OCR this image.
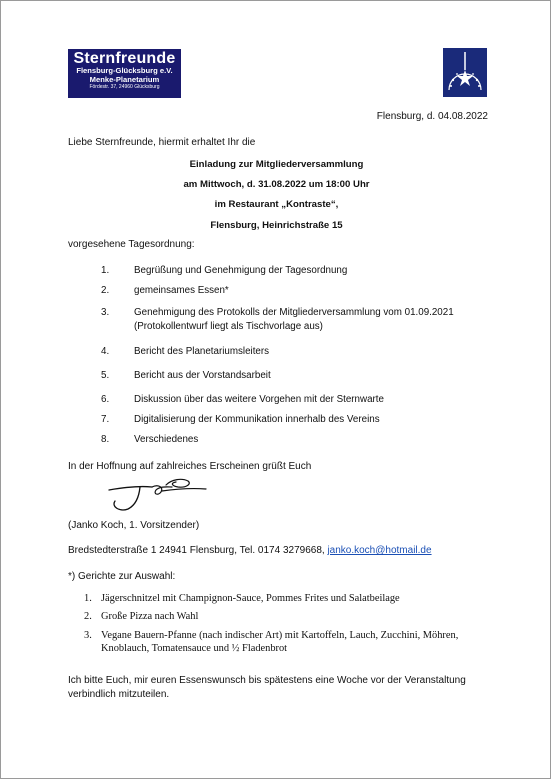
Sternfreunde
Flensburg-Glücksburg e.V.
Menke-Planetarium
Fördestr. 37, 24960 Glücksburg
Flensburg, d. 04.08.2022
Liebe Sternfreunde, hiermit erhaltet Ihr die
Einladung zur Mitgliederversammlung
am Mittwoch, d. 31.08.2022 um 18:00 Uhr
im Restaurant „Kontraste“,
Flensburg, Heinrichstraße 15
vorgesehene Tagesordnung:
1.	Begrüßung und Genehmigung der Tagesordnung
2.	gemeinsames Essen*
3.	Genehmigung des Protokolls der Mitgliederversammlung vom 01.09.2021
(Protokollentwurf liegt als Tischvorlage aus)
4.	Bericht des Planetariumsleiters
5.	Bericht aus der Vorstandsarbeit
6.	Diskussion über das weitere Vorgehen mit der Sternwarte
7.	Digitalisierung der Kommunikation innerhalb des Vereins
8.	Verschiedenes
In der Hoffnung auf zahlreiches Erscheinen grüßt Euch
(Janko Koch, 1. Vorsitzender)
Bredstedterstraße 1 24941 Flensburg, Tel. 0174 3279668, janko.koch@hotmail.de
*) Gerichte zur Auswahl:
1. Jägerschnitzel mit Champignon-Sauce, Pommes Frites und Salatbeilage
2. Große Pizza nach Wahl
3. Vegane Bauern-Pfanne (nach indischer Art) mit Kartoffeln, Lauch, Zucchini, Möhren, Knoblauch, Tomatensauce und ½ Fladenbrot
Ich bitte Euch, mir euren Essenswunsch bis spätestens eine Woche vor der Veranstaltung verbindlich mitzuteilen.
